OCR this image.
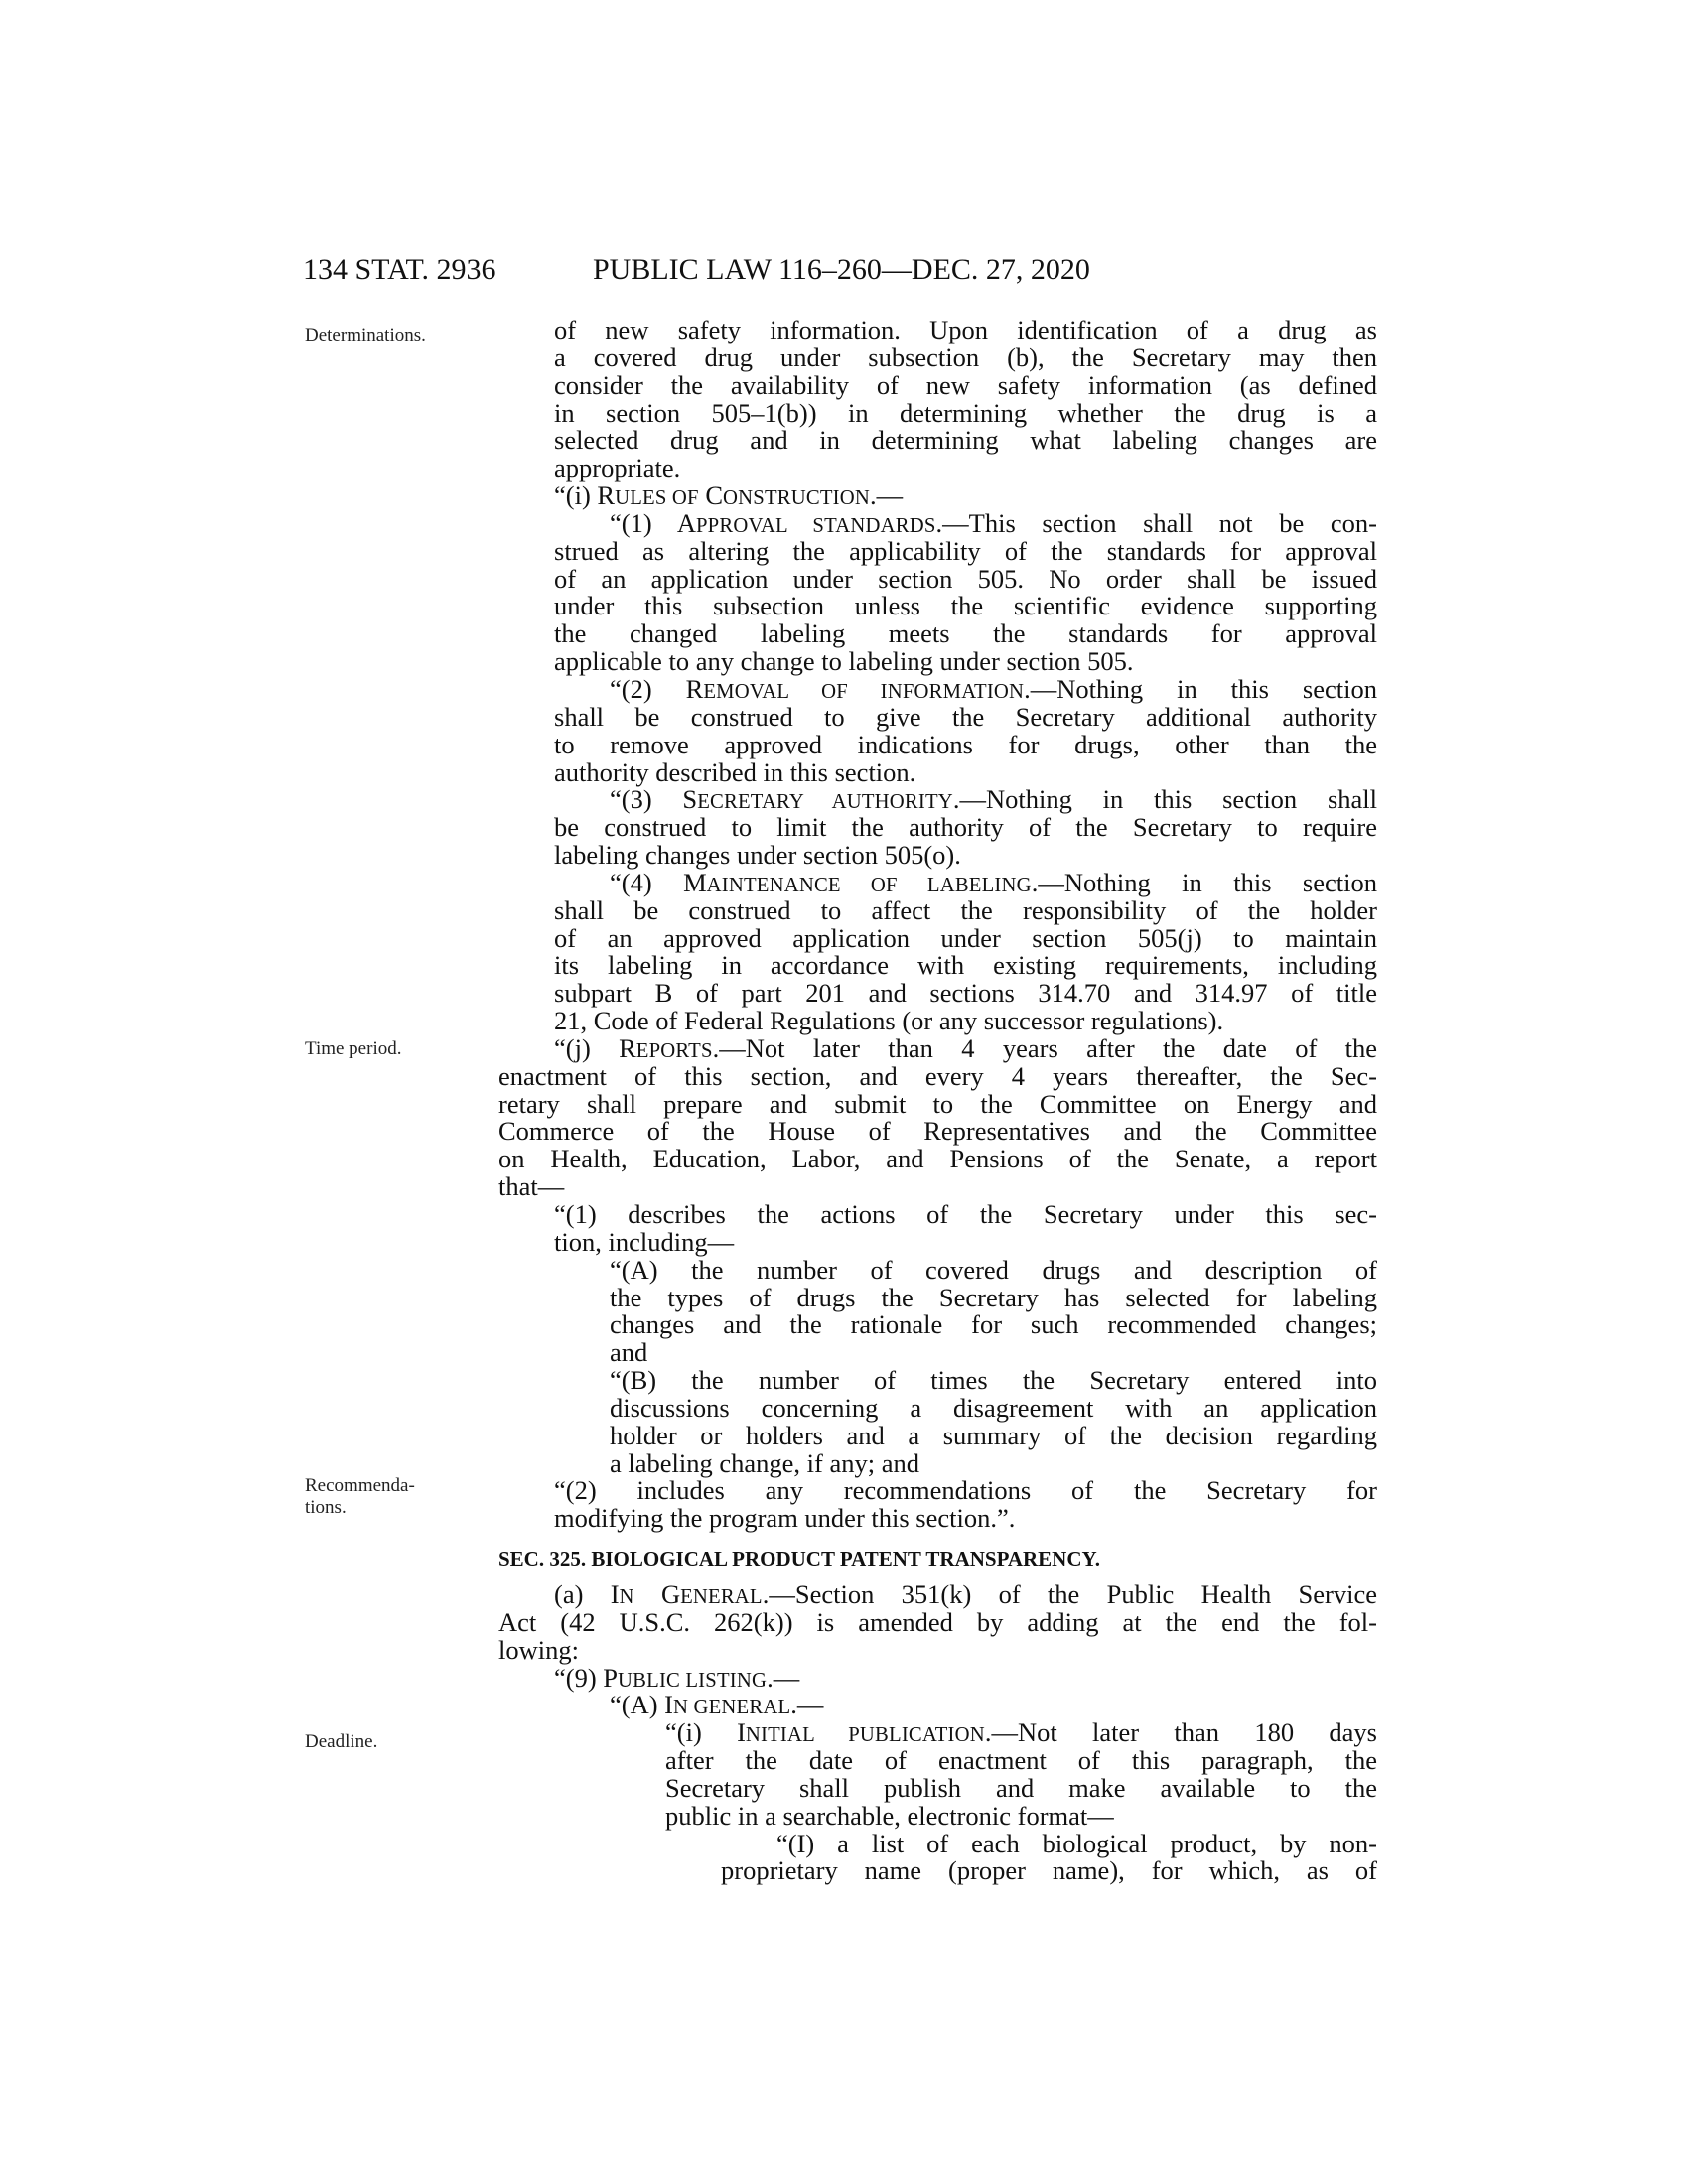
134 STAT. 2936	PUBLIC LAW 116–260—DEC. 27, 2020
Determinations.
Time period.
Recommenda-
tions.
Deadline.
of new safety information. Upon identification of a drug as
a covered drug under subsection (b), the Secretary may then
consider the availability of new safety information (as defined
in section 505–1(b)) in determining whether the drug is a
selected drug and in determining what labeling changes are
appropriate.
“(i) RULES OF CONSTRUCTION.—
“(1) APPROVAL STANDARDS.—This section shall not be con-
strued as altering the applicability of the standards for approval
of an application under section 505. No order shall be issued
under this subsection unless the scientific evidence supporting
the changed labeling meets the standards for approval
applicable to any change to labeling under section 505.
“(2) REMOVAL OF INFORMATION.—Nothing in this section
shall be construed to give the Secretary additional authority
to remove approved indications for drugs, other than the
authority described in this section.
“(3) SECRETARY AUTHORITY.—Nothing in this section shall
be construed to limit the authority of the Secretary to require
labeling changes under section 505(o).
“(4) MAINTENANCE OF LABELING.—Nothing in this section
shall be construed to affect the responsibility of the holder
of an approved application under section 505(j) to maintain
its labeling in accordance with existing requirements, including
subpart B of part 201 and sections 314.70 and 314.97 of title
21, Code of Federal Regulations (or any successor regulations).
“(j) REPORTS.—Not later than 4 years after the date of the
enactment of this section, and every 4 years thereafter, the Sec-
retary shall prepare and submit to the Committee on Energy and
Commerce of the House of Representatives and the Committee
on Health, Education, Labor, and Pensions of the Senate, a report
that—
“(1) describes the actions of the Secretary under this sec-
tion, including—
“(A) the number of covered drugs and description of
the types of drugs the Secretary has selected for labeling
changes and the rationale for such recommended changes;
and
“(B) the number of times the Secretary entered into
discussions concerning a disagreement with an application
holder or holders and a summary of the decision regarding
a labeling change, if any; and
“(2) includes any recommendations of the Secretary for
modifying the program under this section.”.
SEC. 325. BIOLOGICAL PRODUCT PATENT TRANSPARENCY.
(a) IN GENERAL.—Section 351(k) of the Public Health Service
Act (42 U.S.C. 262(k)) is amended by adding at the end the fol-
lowing:
“(9) PUBLIC LISTING.—
“(A) IN GENERAL.—
“(i) INITIAL PUBLICATION.—Not later than 180 days
after the date of enactment of this paragraph, the
Secretary shall publish and make available to the
public in a searchable, electronic format—
“(I) a list of each biological product, by non-
proprietary name (proper name), for which, as of
